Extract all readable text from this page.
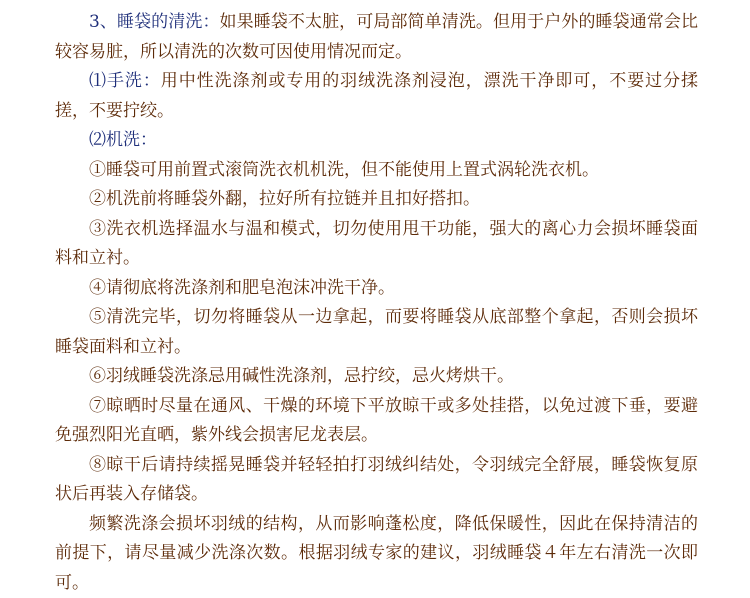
3、睡袋的清洗：如果睡袋不太脏，可局部简单清洗。但用于户外的睡袋通常会比较容易脏，所以清洗的次数可因使用情况而定。

⑴手洗：用中性洗涤剂或专用的羽绒洗涤剂浸泡，漂洗干净即可，不要过分揉搓，不要拧绞。

⑵机洗：

①睡袋可用前置式滚筒洗衣机机洗，但不能使用上置式涡轮洗衣机。

②机洗前将睡袋外翻，拉好所有拉链并且扣好搭扣。

③洗衣机选择温水与温和模式，切勿使用甩干功能，强大的离心力会损坏睡袋面料和立衬。

④请彻底将洗涤剂和肥皂泡沫冲洗干净。

⑤清洗完毕，切勿将睡袋从一边拿起，而要将睡袋从底部整个拿起，否则会损坏睡袋面料和立衬。

⑥羽绒睡袋洗涤忌用碱性洗涤剂，忌拧绞，忌火烤烘干。

⑦晾晒时尽量在通风、干燥的环境下平放晾干或多处挂搭，以免过渡下垂，要避免强烈阳光直晒，紫外线会损害尼龙表层。

⑧晾干后请持续摇晃睡袋并轻轻拍打羽绒纠结处，令羽绒完全舒展，睡袋恢复原状后再装入存储袋。

频繁洗涤会损坏羽绒的结构，从而影响蓬松度，降低保暖性，因此在保持清洁的前提下，请尽量减少洗涤次数。根据羽绒专家的建议，羽绒睡袋４年左右清洗一次即可。
